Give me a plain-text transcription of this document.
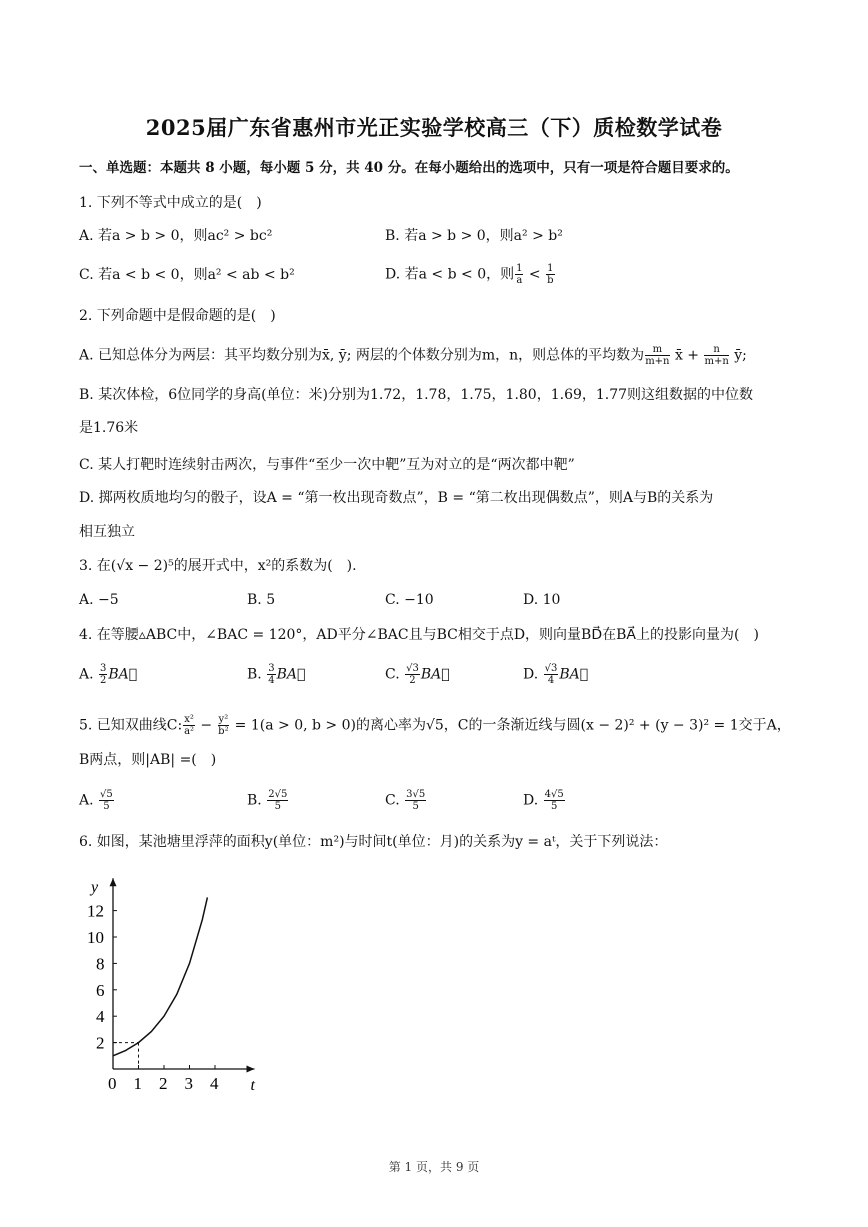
2025届广东省惠州市光正实验学校高三（下）质检数学试卷
一、单选题：本题共 8 小题，每小题 5 分，共 40 分。在每小题给出的选项中，只有一项是符合题目要求的。
1. 下列不等式中成立的是(　)
A. 若a > b > 0，则ac² > bc²	B. 若a > b > 0，则a² > b²
C. 若a < b < 0，则a² < ab < b²	D. 若a < b < 0，则 $\frac{1}{a} < \frac{1}{b}$
2. 下列命题中是假命题的是(　)
A. 已知总体分为两层：其平均数分别为x̄, ȳ; 两层的个体数分别为m，n，则总体的平均数为 $\frac{m}{m+n}$ x̄ + $\frac{n}{m+n}$ ȳ;
B. 某次体检，6位同学的身高(单位：米)分别为1.72，1.78，1.75，1.80，1.69，1.77则这组数据的中位数
是1.76米
C. 某人打靶时连续射击两次，与事件“至少一次中靶”互为对立的是“两次都中靶”
D. 掷两枚质地均匀的骰子，设A = “第一枚出现奇数点”，B = “第二枚出现偶数点”，则A与B的关系为
相互独立
3. 在(√x − 2)⁵的展开式中，x²的系数为(　).
A. −5	B. 5	C. −10	D. 10
4. 在等腰▵ABC中，∠BAC = 120°，AD平分∠BAC且与BC相交于点D，则向量BD⃗在BA⃗上的投影向量为(　)
A. $\frac{3}{2}$ BA⃗	B. $\frac{3}{4}$ BA⃗	C. $\frac{√3}{2}$ BA⃗	D. $\frac{√3}{4}$ BA⃗
5. 已知双曲线C: $\frac{\text{x²}}{\text{a²}} - \frac{\text{y²}}{\text{b²}} = 1(a > 0$, b > 0)的离心率为√5，C的一条渐近线与圆(x − 2)² + (y − 3)² = 1交于A，
B两点，则|AB| =(　)
A. $\frac{√5}{5}$	B. $\frac{2√5}{5}$	C. $\frac{3√5}{5}$	D. $\frac{4√5}{5}$
6. 如图，某池塘里浮萍的面积y(单位：m²)与时间t(单位：月)的关系为y = aᵗ，关于下列说法：
t
y
0 1 2 3 4
2
4
6
8
10
12
第 1 页，共 9 页
